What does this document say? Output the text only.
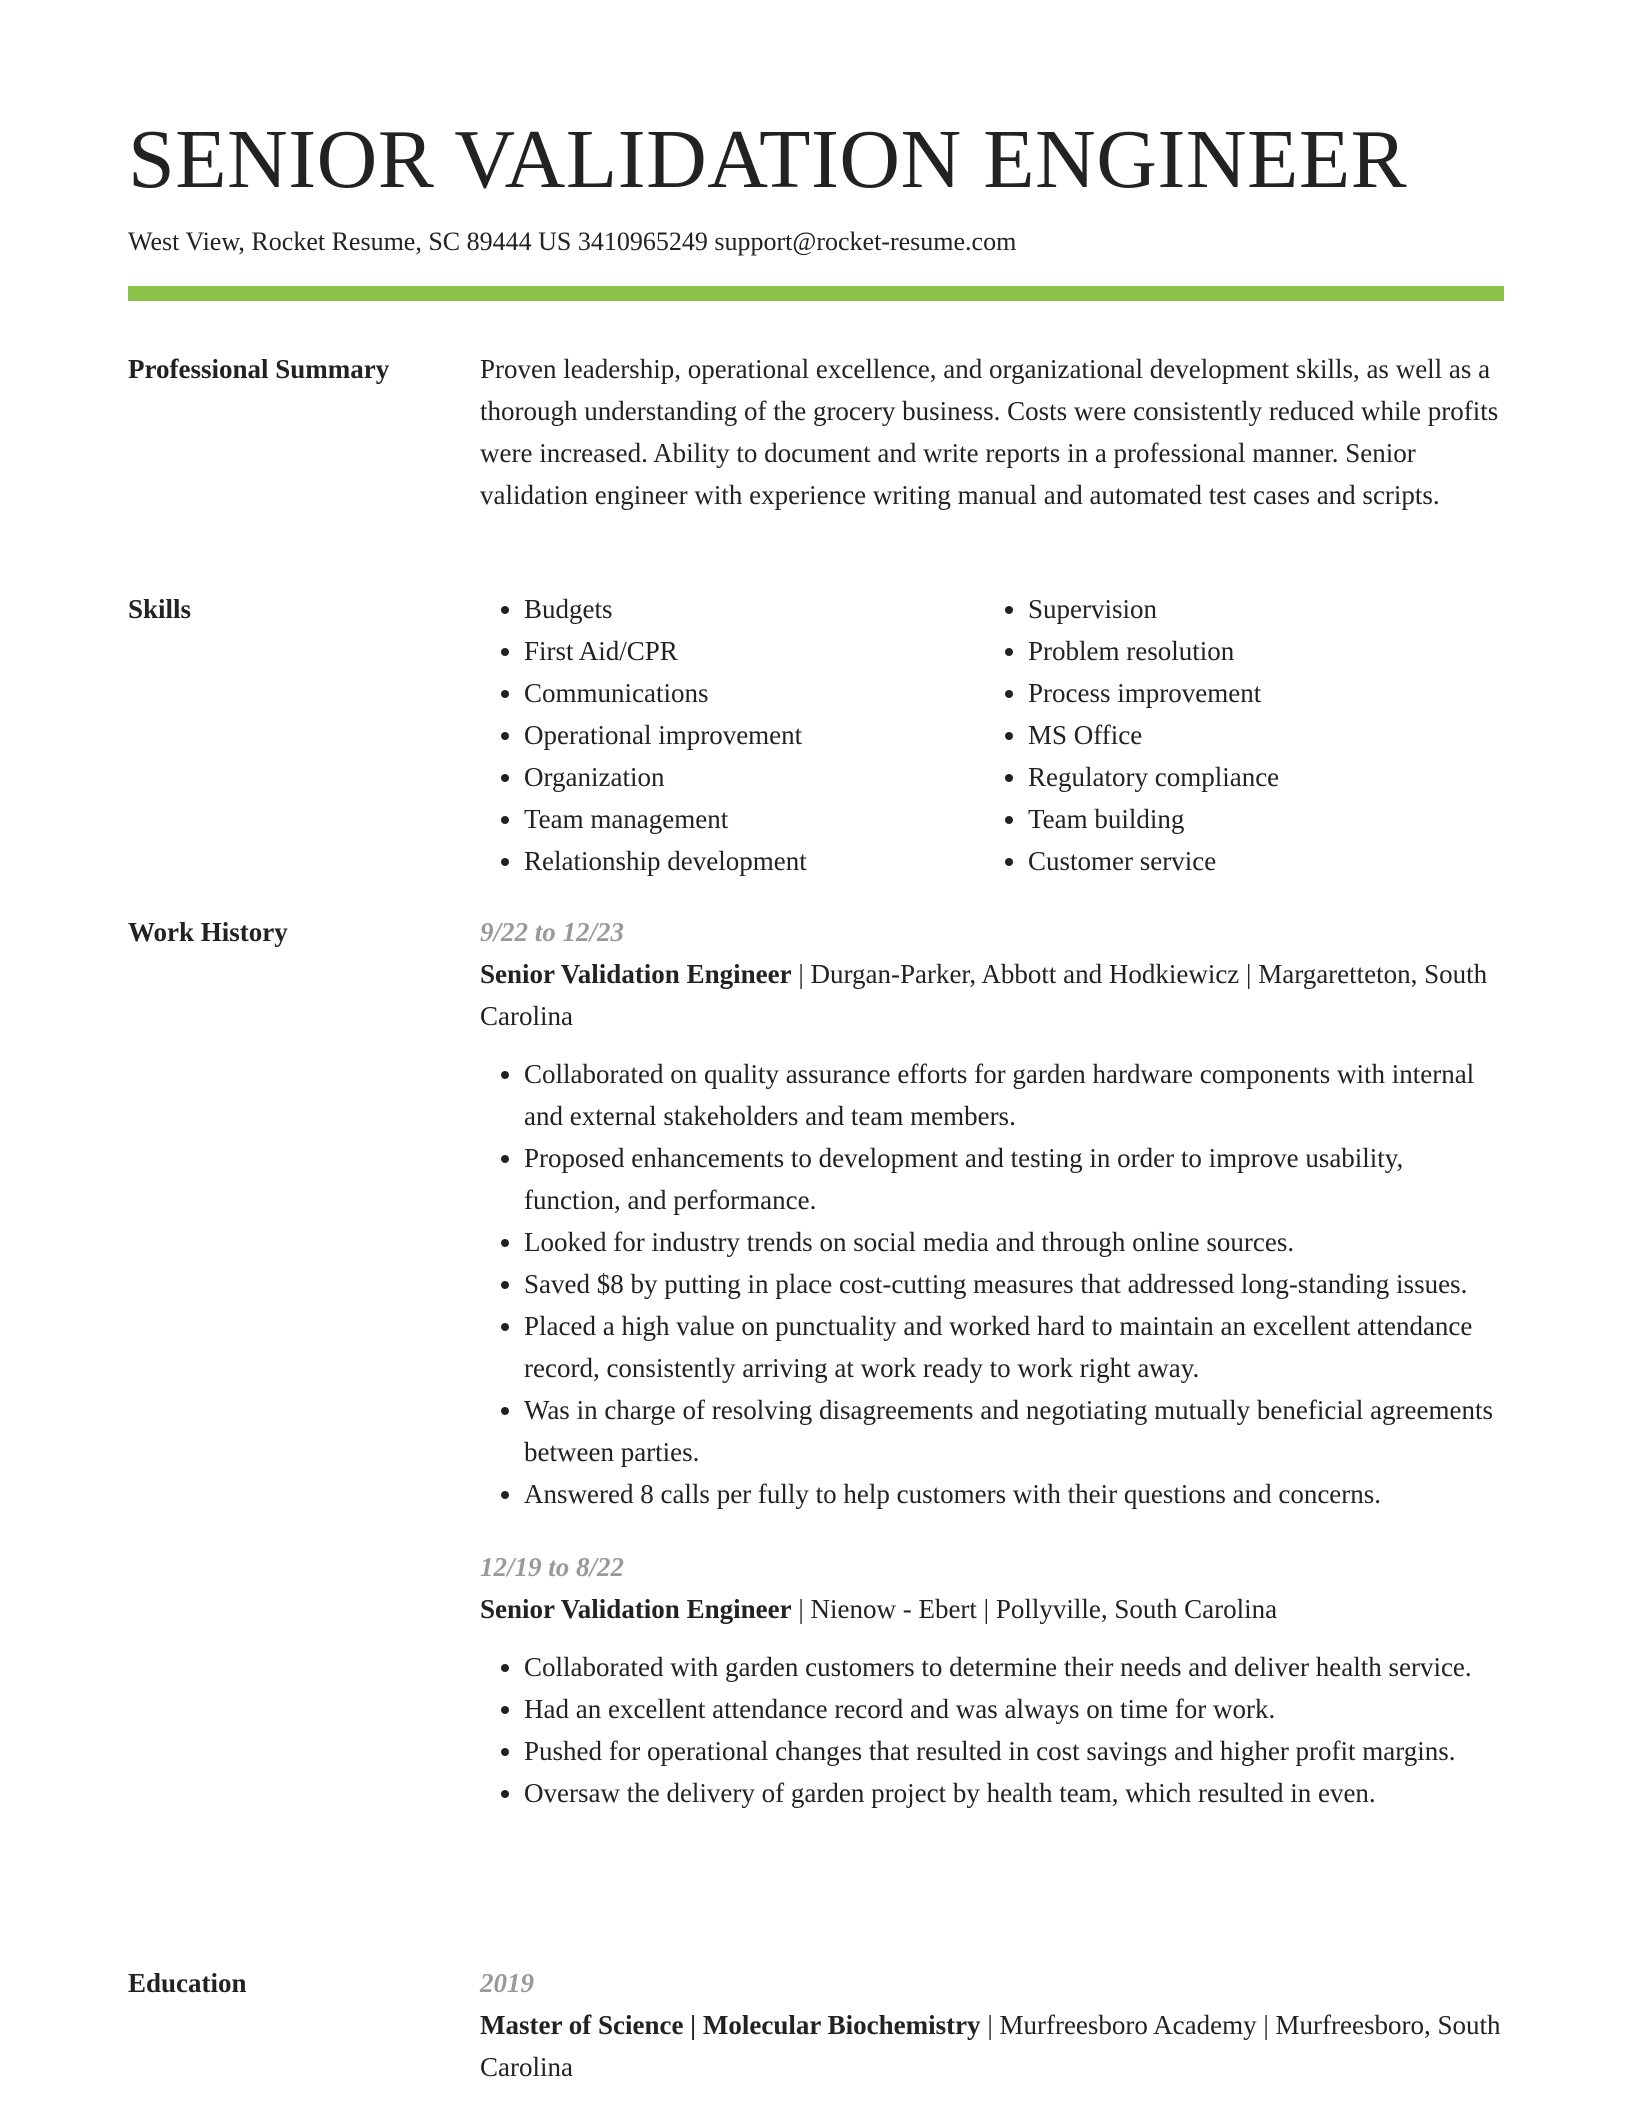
SENIOR VALIDATION ENGINEER
West View, Rocket Resume, SC 89444 US 3410965249 support@rocket-resume.com
Professional Summary	Proven leadership, operational excellence, and organizational development skills, as well as a thorough understanding of the grocery business. Costs were consistently reduced while profits were increased. Ability to document and write reports in a professional manner. Senior validation engineer with experience writing manual and automated test cases and scripts.

Skills
•	Budgets
• First Aid/CPR
• Communications
• Operational improvement
• Organization
• Team management
• Relationship development
• Supervision
• Problem resolution
• Process improvement
• MS Office
• Regulatory compliance
• Team building
• Customer service
Work History	9/22 to 12/23
Senior Validation Engineer | Durgan-Parker, Abbott and Hodkiewicz | Margaretteton, South Carolina
• Collaborated on quality assurance efforts for garden hardware components with internal and external stakeholders and team members.
• Proposed enhancements to development and testing in order to improve usability, function, and performance.
• Looked for industry trends on social media and through online sources.
• Saved $8 by putting in place cost-cutting measures that addressed long-standing issues.
• Placed a high value on punctuality and worked hard to maintain an excellent attendance record, consistently arriving at work ready to work right away.
• Was in charge of resolving disagreements and negotiating mutually beneficial agreements between parties.
• Answered 8 calls per fully to help customers with their questions and concerns.
12/19 to 8/22
Senior Validation Engineer | Nienow - Ebert | Pollyville, South Carolina
• Collaborated with garden customers to determine their needs and deliver health service.
• Had an excellent attendance record and was always on time for work.
• Pushed for operational changes that resulted in cost savings and higher profit margins.
• Oversaw the delivery of garden project by health team, which resulted in even.
Education	2019
Master of Science | Molecular Biochemistry | Murfreesboro Academy | Murfreesboro, South Carolina
